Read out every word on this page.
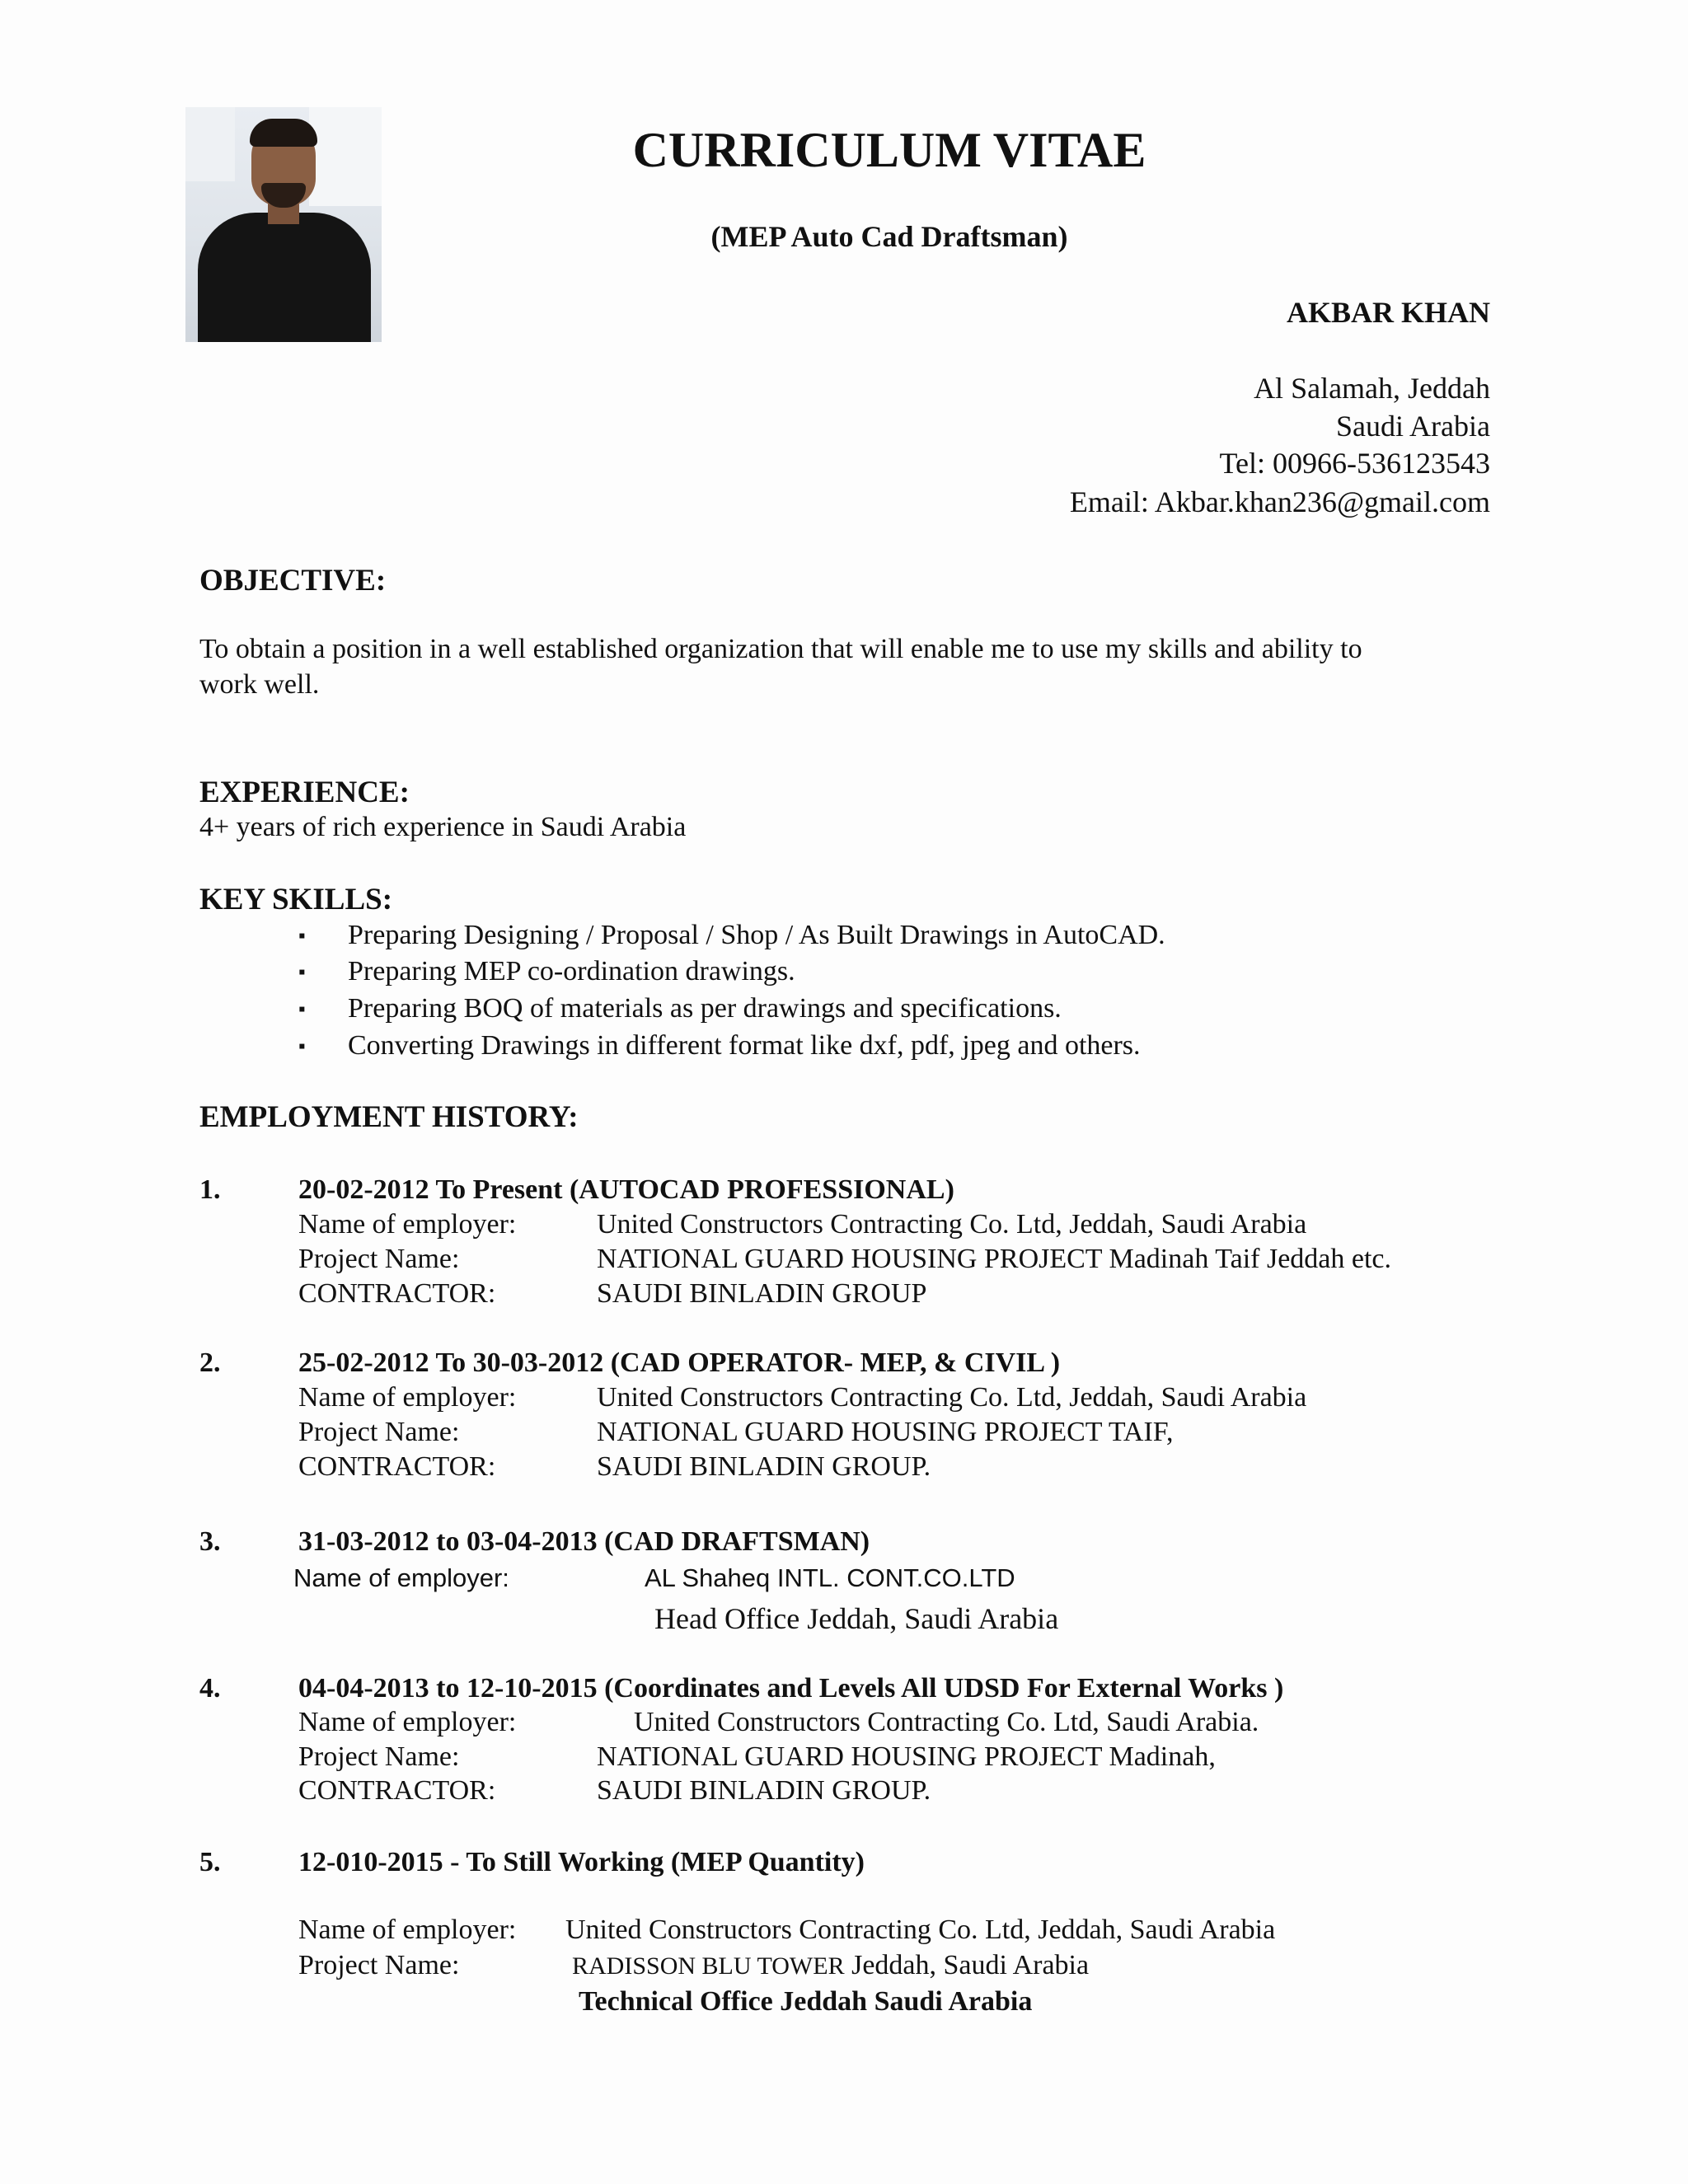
CURRICULUM VITAE
(MEP Auto Cad Draftsman)
AKBAR KHAN
Al Salamah, Jeddah
Saudi Arabia
Tel: 00966-536123543
Email: Akbar.khan236@gmail.com
OBJECTIVE:
To obtain a position in a well established organization that will enable me to use my skills and ability to
work well.
EXPERIENCE:
4+ years of rich experience in Saudi Arabia
KEY SKILLS:
▪ Preparing Designing / Proposal / Shop / As Built Drawings in AutoCAD.
▪ Preparing MEP co-ordination drawings.
▪ Preparing BOQ of materials as per drawings and specifications.
▪ Converting Drawings in different format like dxf, pdf, jpeg and others.
EMPLOYMENT HISTORY:
1.	20-02-2012 To Present (AUTOCAD PROFESSIONAL)
Name of employer:	United Constructors Contracting Co. Ltd, Jeddah, Saudi Arabia
Project Name:	NATIONAL GUARD HOUSING PROJECT Madinah Taif Jeddah etc.
CONTRACTOR:	SAUDI BINLADIN GROUP
2.	25-02-2012 To 30-03-2012 (CAD OPERATOR- MEP, & CIVIL )
Name of employer:	United Constructors Contracting Co. Ltd, Jeddah, Saudi Arabia
Project Name:	NATIONAL GUARD HOUSING PROJECT TAIF,
CONTRACTOR:	SAUDI BINLADIN GROUP.
3.	31-03-2012 to 03-04-2013 (CAD DRAFTSMAN)
Name of employer:	AL Shaheq INTL. CONT.CO.LTD
Head Office Jeddah, Saudi Arabia
4.	04-04-2013 to 12-10-2015 (Coordinates and Levels All UDSD For External Works )
Name of employer:	United Constructors Contracting Co. Ltd, Saudi Arabia.
Project Name:	NATIONAL GUARD HOUSING PROJECT Madinah,
CONTRACTOR:	SAUDI BINLADIN GROUP.
5.	12-010-2015 - To Still Working (MEP Quantity)
Name of employer: United Constructors Contracting Co. Ltd, Jeddah, Saudi Arabia
Project Name:	RADISSON BLU TOWER Jeddah, Saudi Arabia
Technical Office Jeddah Saudi Arabia
